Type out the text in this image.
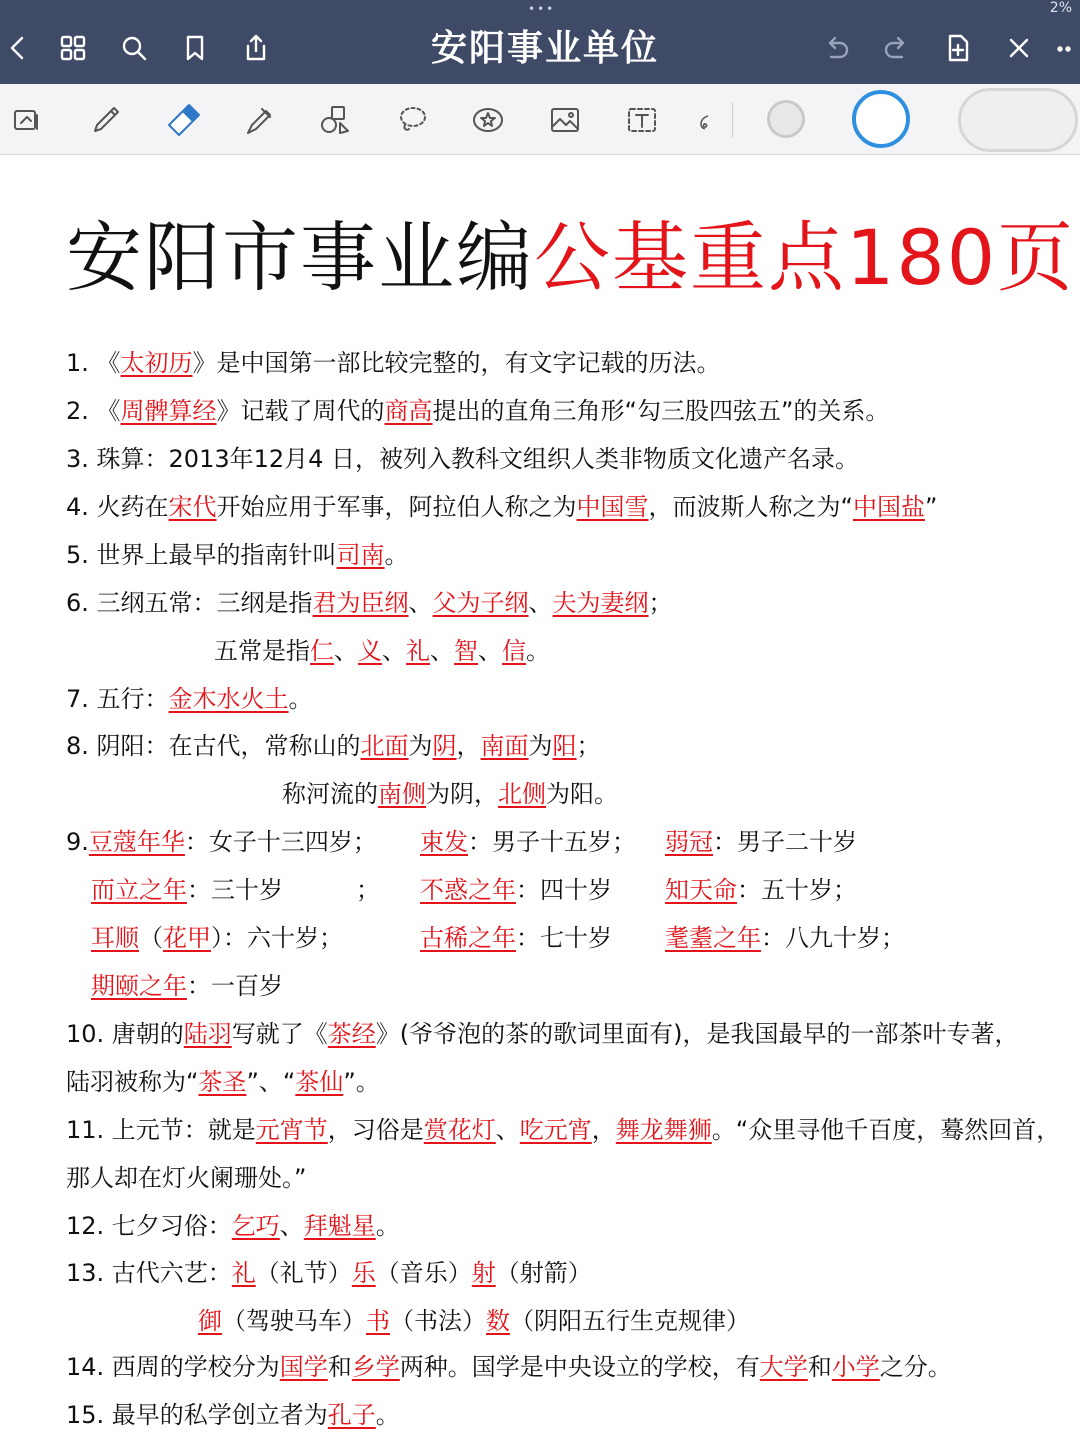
•••	2%
安阳事业单位
安阳市事业编公基重点180页
1. 《太初历》是中国第一部比较完整的，有文字记载的历法。
2. 《周髀算经》记载了周代的商高提出的直角三角形“勾三股四弦五”的关系。
3. 珠算：2013年12月4 日，被列入教科文组织人类非物质文化遗产名录。
4. 火药在宋代开始应用于军事，阿拉伯人称之为中国雪，而波斯人称之为“中国盐”
5. 世界上最早的指南针叫司南。
6. 三纲五常：三纲是指君为臣纲、父为子纲、夫为妻纲；
五常是指仁、义、礼、智、信。
7. 五行：金木水火土。
8. 阴阳：在古代，常称山的北面为阴，南面为阳；
称河流的南侧为阴，北侧为阳。
9.豆蔻年华：女子十三四岁； 束发：男子十五岁； 弱冠：男子二十岁
而立之年：三十岁	； 不惑之年：四十岁 知天命：五十岁；
耳顺（花甲）：六十岁；	古稀之年：七十岁 耄耋之年：八九十岁；
期颐之年：一百岁
10. 唐朝的陆羽写就了《茶经》(爷爷泡的茶的歌词里面有)，是我国最早的一部茶叶专著，
陆羽被称为“茶圣”、“茶仙”。
11. 上元节：就是元宵节，习俗是赏花灯、吃元宵，舞龙舞狮。“众里寻他千百度，蓦然回首，
那人却在灯火阑珊处。”
12. 七夕习俗：乞巧、拜魁星。
13. 古代六艺：礼（礼节）乐（音乐）射（射箭）
御（驾驶马车）书（书法）数（阴阳五行生克规律）
14. 西周的学校分为国学和乡学两种。国学是中央设立的学校，有大学和小学之分。
15. 最早的私学创立者为孔子。
